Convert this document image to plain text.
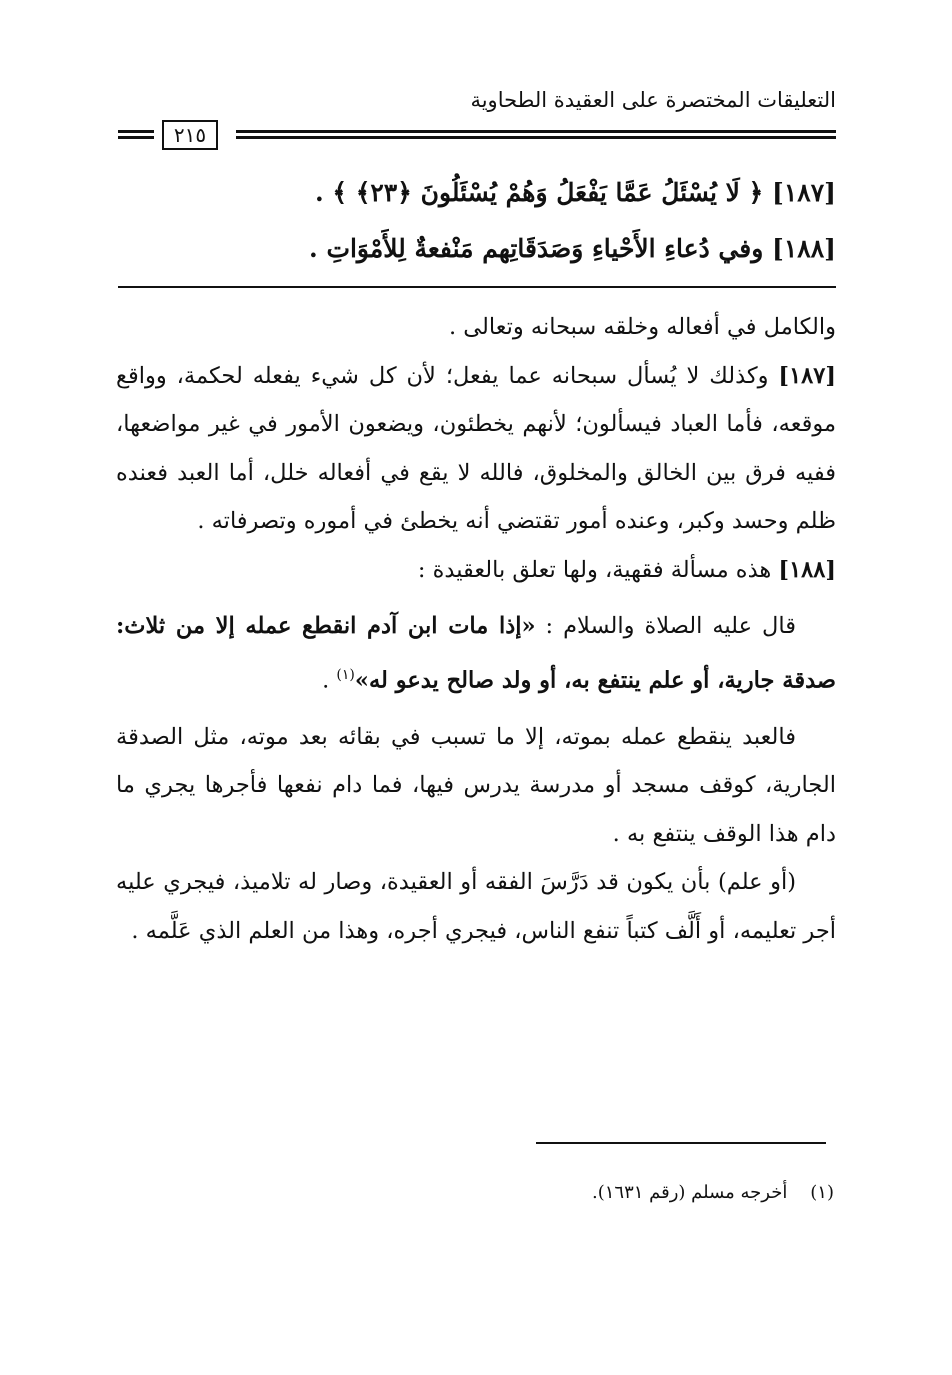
التعليقات المختصرة على العقيدة الطحاوية
٢١٥
[١٨٧] ﴿ لَا يُسْئَلُ عَمَّا يَفْعَلُ وَهُمْ يُسْئَلُونَ ﴿٢٣﴾ ﴾ .
[١٨٨] وفي دُعاءِ الأَحْياءِ وَصَدَقَاتِهم مَنْفعةٌ لِلأَمْوَاتِ .

والكامل في أفعاله وخلقه سبحانه وتعالى .

[١٨٧] وكذلك لا يُسأل سبحانه عما يفعل؛ لأن كل شيء يفعله لحكمة، وواقع موقعه، فأما العباد فيسألون؛ لأنهم يخطئون، ويضعون الأمور في غير مواضعها، ففيه فرق بين الخالق والمخلوق، فالله لا يقع في أفعاله خلل، أما العبد فعنده ظلم وحسد وكبر، وعنده أمور تقتضي أنه يخطئ في أموره وتصرفاته .

[١٨٨] هذه مسألة فقهية، ولها تعلق بالعقيدة :

قال عليه الصلاة والسلام : «إذا مات ابن آدم انقطع عمله إلا من ثلاث: صدقة جارية، أو علم ينتفع به، أو ولد صالح يدعو له»$^{(١)}$ .

فالعبد ينقطع عمله بموته، إلا ما تسبب في بقائه بعد موته، مثل الصدقة الجارية، كوقف مسجد أو مدرسة يدرس فيها، فما دام نفعها فأجرها يجري ما دام هذا الوقف ينتفع به .

(أو علم) بأن يكون قد دَرَّسَ الفقه أو العقيدة، وصار له تلاميذ، فيجري عليه أجر تعليمه، أو أَلَّف كتباً تنفع الناس، فيجري أجره، وهذا من العلم الذي عَلَّمه .

(١)    أخرجه مسلم (رقم ١٦٣١).
